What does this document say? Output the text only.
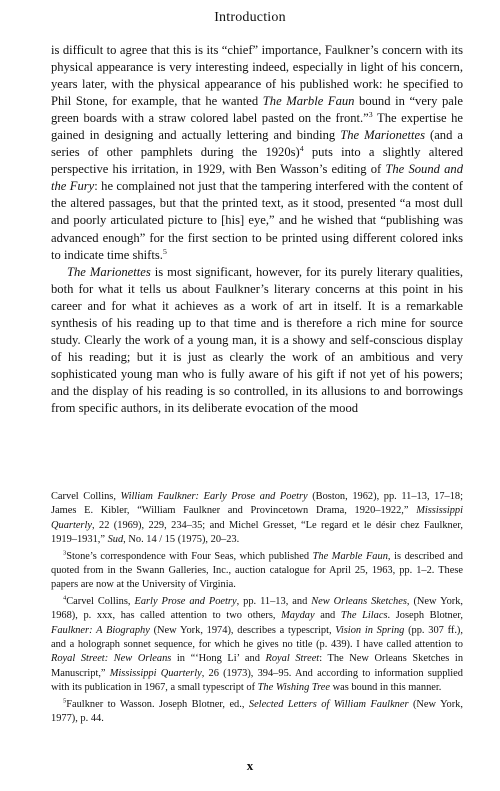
Introduction

is difficult to agree that this is its “chief” importance, Faulkner’s concern with its physical appearance is very interesting indeed, especially in light of his concern, years later, with the physical appearance of his published work: he specified to Phil Stone, for example, that he wanted The Marble Faun bound in “very pale green boards with a straw colored label pasted on the front.”$^3$ The expertise he gained in designing and actually lettering and binding The Marionettes (and a series of other pamphlets during the 1920s)$^4$ puts into a slightly altered perspective his irritation, in 1929, with Ben Wasson’s editing of The Sound and the Fury: he complained not just that the tampering interfered with the content of the altered passages, but that the printed text, as it stood, presented “a most dull and poorly articulated picture to [his] eye,” and he wished that “publishing was advanced enough” for the first section to be printed using different colored inks to indicate time shifts.$^5$

The Marionettes is most significant, however, for its purely literary qualities, both for what it tells us about Faulkner’s literary concerns at this point in his career and for what it achieves as a work of art in itself. It is a remarkable synthesis of his reading up to that time and is therefore a rich mine for source study. Clearly the work of a young man, it is a showy and self-conscious display of his reading; but it is just as clearly the work of an ambitious and very sophisticated young man who is fully aware of his gift if not yet of his powers; and the display of his reading is so controlled, in its allusions to and borrowings from specific authors, in its deliberate evocation of the mood

Carvel Collins, William Faulkner: Early Prose and Poetry (Boston, 1962), pp. 11–13, 17–18; James E. Kibler, “William Faulkner and Provincetown Drama, 1920–1922,” Mississippi Quarterly, 22 (1969), 229, 234–35; and Michel Gresset, “Le regard et le désir chez Faulkner, 1919–1931,” Sud, No. 14 / 15 (1975), 20–23.

$^3$Stone’s correspondence with Four Seas, which published The Marble Faun, is described and quoted from in the Swann Galleries, Inc., auction catalogue for April 25, 1963, pp. 1–2. These papers are now at the University of Virginia.

$^4$Carvel Collins, Early Prose and Poetry, pp. 11–13, and New Orleans Sketches, (New York, 1968), p. xxx, has called attention to two others, Mayday and The Lilacs. Joseph Blotner, Faulkner: A Biography (New York, 1974), describes a typescript, Vision in Spring (pp. 307 ff.), and a holograph sonnet sequence, for which he gives no title (p. 439). I have called attention to Royal Street: New Orleans in “‘Hong Li’ and Royal Street: The New Orleans Sketches in Manuscript,” Mississippi Quarterly, 26 (1973), 394–95. And according to information supplied with its publication in 1967, a small typescript of The Wishing Tree was bound in this manner.

$^5$Faulkner to Wasson. Joseph Blotner, ed., Selected Letters of William Faulkner (New York, 1977), p. 44.

x
